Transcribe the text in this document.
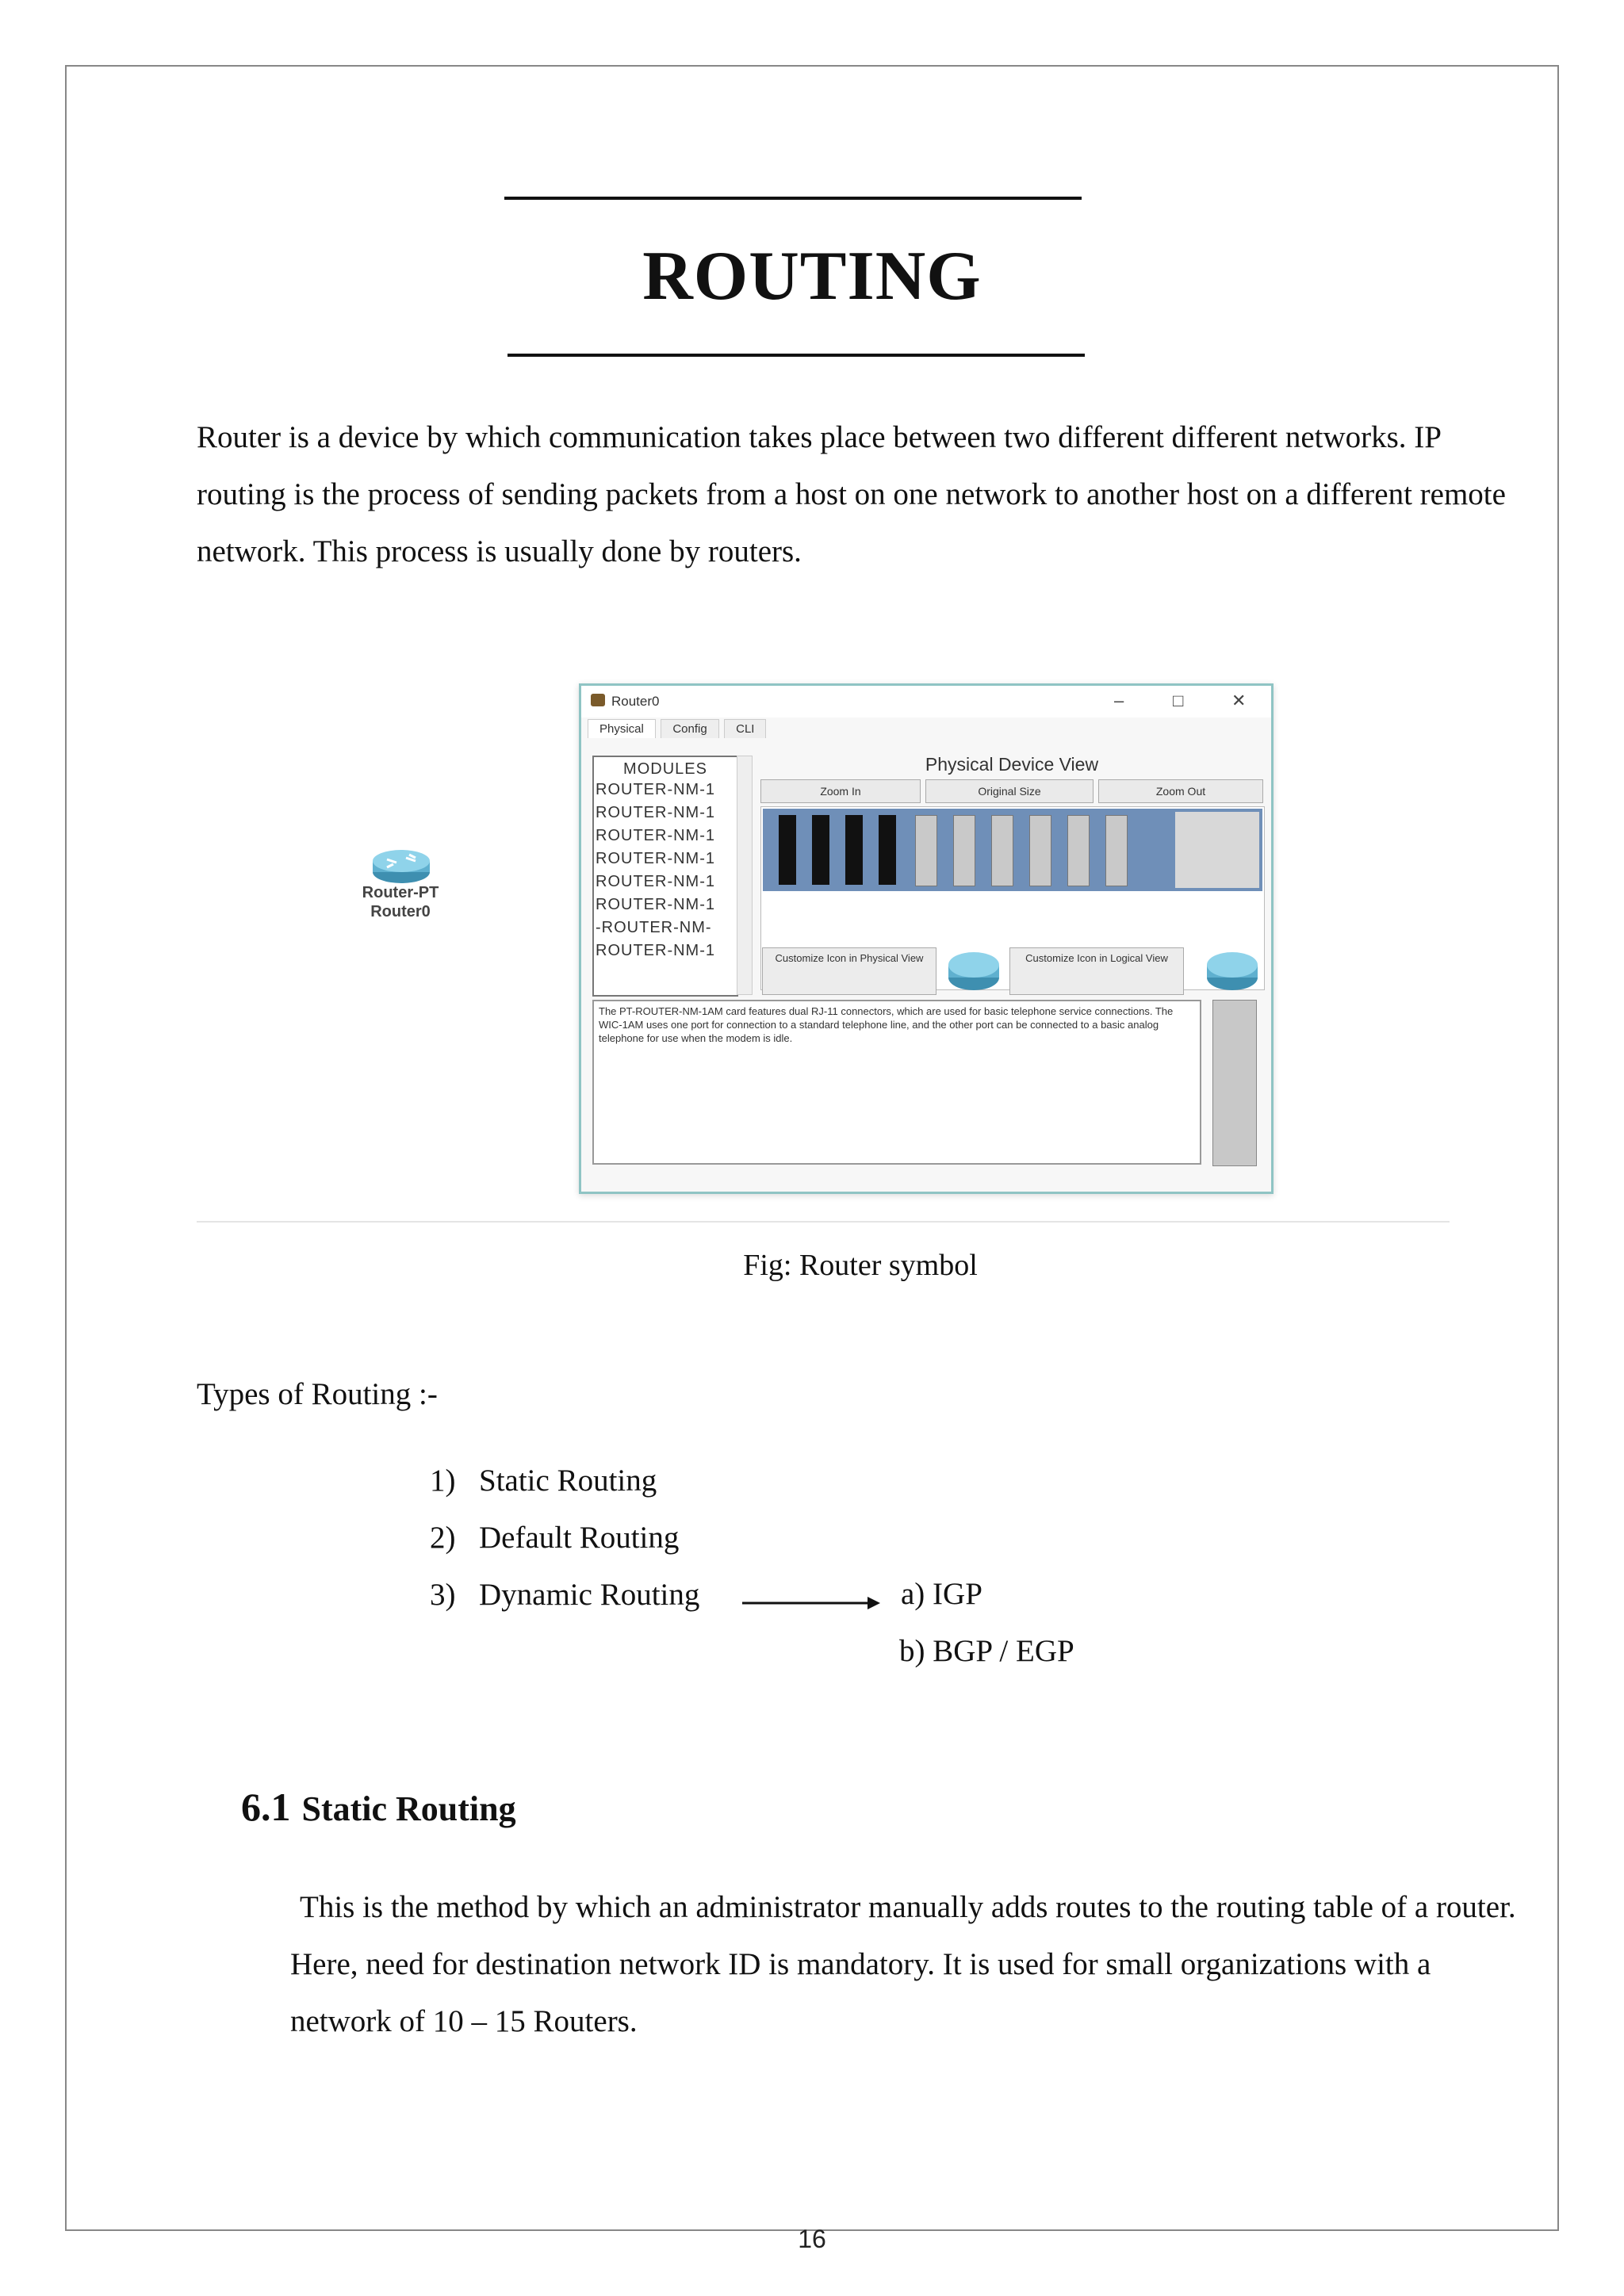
ROUTING
Router is a device by which communication takes place between two different different networks. IP routing is the process of sending packets from a host on one network to another host on a different remote network. This process is usually done by routers.
Router-PT
Router0
Router0	–	□	✕
Physical Config CLI
MODULES
ROUTER-NM-1
ROUTER-NM-1
ROUTER-NM-1
ROUTER-NM-1
ROUTER-NM-1
ROUTER-NM-1
-ROUTER-NM-
ROUTER-NM-1
Physical Device View
Zoom In	Original Size	Zoom Out
Customize Icon in Physical View	Customize Icon in Logical View
The PT-ROUTER-NM-1AM card features dual RJ-11 connectors, which are used for basic telephone service connections. The WIC-1AM uses one port for connection to a standard telephone line, and the other port can be connected to a basic analog telephone for use when the modem is idle.
Fig: Router symbol
Types of Routing :-
1) Static Routing
2) Default Routing
3) Dynamic Routing	a) IGP
b) BGP / EGP
6.1 Static Routing
This is the method by which an administrator manually adds routes to the routing table of a router. Here, need for destination network ID is mandatory. It is used for small organizations with a network of 10 – 15 Routers.
16
